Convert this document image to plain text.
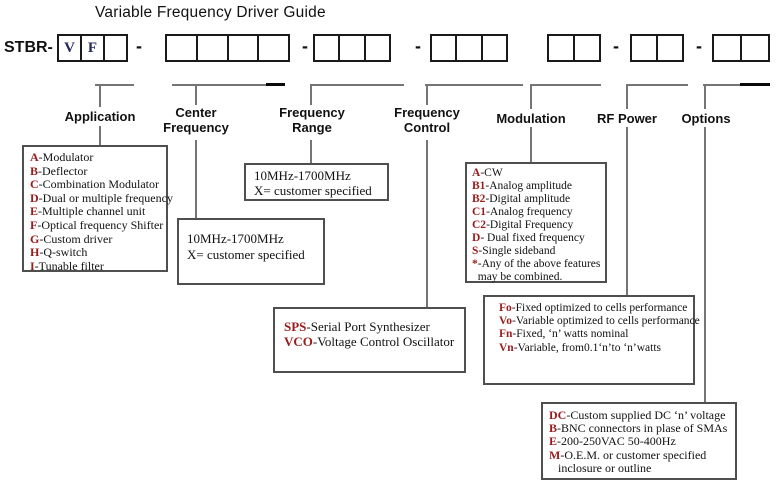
Variable Frequency Driver Guide
STBR- V F -	-	-	-	-
Application	Center
Frequency
Frequency
Range
Frequency
Control
Modulation	RF Power	Options
A-Modulator
B-Deflector
C-Combination Modulator
D-Dual or multiple frequency
E-Multiple channel unit
F-Optical frequency Shifter
G-Custom driver
H-Q-switch
I-Tunable filter
10MHz-1700MHz
X= customer specified
10MHz-1700MHz
X= customer specified
SPS-Serial Port Synthesizer
VCO-Voltage Control Oscillator
A-CW
B1-Analog amplitude
B2-Digital amplitude
C1-Analog frequency
C2-Digital Frequency
D- Dual fixed frequency
S-Single sideband
*-Any of the above features
may be combined.
Fo-Fixed optimized to cells performance
Vo-Variable optimized to cells performance
Fn-Fixed, ‘n’ watts nominal
Vn-Variable, from0.1‘n’to ‘n’watts
DC-Custom supplied DC ‘n’ voltage
B-BNC connectors in plase of SMAs
E-200-250VAC 50-400Hz
M-O.E.M. or customer specified
inclosure or outline
